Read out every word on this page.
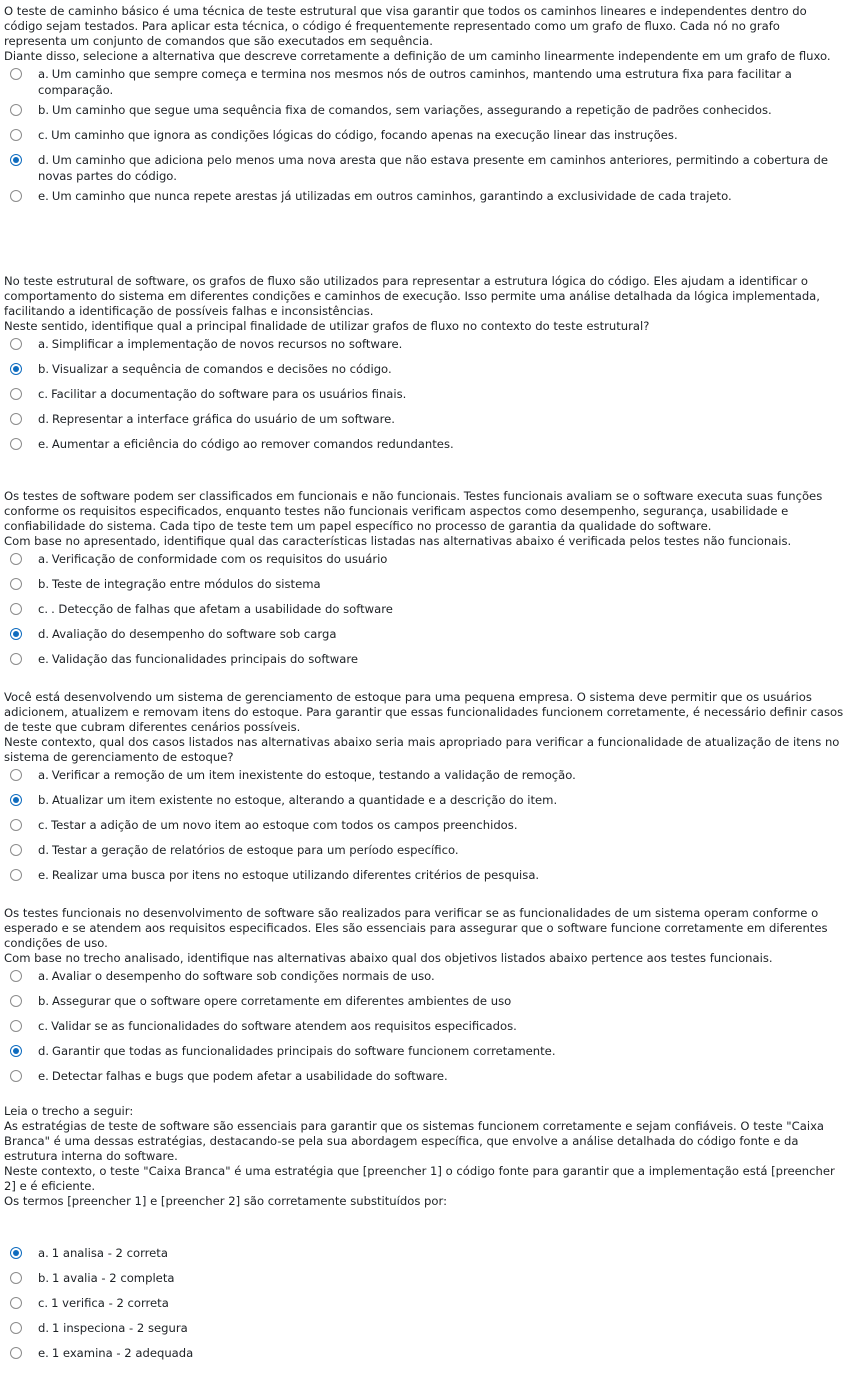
O teste de caminho básico é uma técnica de teste estrutural que visa garantir que todos os caminhos lineares e independentes dentro do código sejam testados. Para aplicar esta técnica, o código é frequentemente representado como um grafo de fluxo. Cada nó no grafo representa um conjunto de comandos que são executados em sequência.

Diante disso, selecione a alternativa que descreve corretamente a definição de um caminho linearmente independente em um grafo de fluxo.

a. Um caminho que sempre começa e termina nos mesmos nós de outros caminhos, mantendo uma estrutura fixa para facilitar a comparação.
b. Um caminho que segue uma sequência fixa de comandos, sem variações, assegurando a repetição de padrões conhecidos.
c. Um caminho que ignora as condições lógicas do código, focando apenas na execução linear das instruções.
d. Um caminho que adiciona pelo menos uma nova aresta que não estava presente em caminhos anteriores, permitindo a cobertura de novas partes do código.
e. Um caminho que nunca repete arestas já utilizadas em outros caminhos, garantindo a exclusividade de cada trajeto.

No teste estrutural de software, os grafos de fluxo são utilizados para representar a estrutura lógica do código. Eles ajudam a identificar o comportamento do sistema em diferentes condições e caminhos de execução. Isso permite uma análise detalhada da lógica implementada, facilitando a identificação de possíveis falhas e inconsistências.

Neste sentido, identifique qual a principal finalidade de utilizar grafos de fluxo no contexto do teste estrutural?

a. Simplificar a implementação de novos recursos no software.
b. Visualizar a sequência de comandos e decisões no código.
c. Facilitar a documentação do software para os usuários finais.
d. Representar a interface gráfica do usuário de um software.
e. Aumentar a eficiência do código ao remover comandos redundantes.

Os testes de software podem ser classificados em funcionais e não funcionais. Testes funcionais avaliam se o software executa suas funções conforme os requisitos especificados, enquanto testes não funcionais verificam aspectos como desempenho, segurança, usabilidade e confiabilidade do sistema. Cada tipo de teste tem um papel específico no processo de garantia da qualidade do software.

Com base no apresentado, identifique qual das características listadas nas alternativas abaixo é verificada pelos testes não funcionais.

a. Verificação de conformidade com os requisitos do usuário
b. Teste de integração entre módulos do sistema
c. . Detecção de falhas que afetam a usabilidade do software
d. Avaliação do desempenho do software sob carga
e. Validação das funcionalidades principais do software

Você está desenvolvendo um sistema de gerenciamento de estoque para uma pequena empresa. O sistema deve permitir que os usuários adicionem, atualizem e removam itens do estoque. Para garantir que essas funcionalidades funcionem corretamente, é necessário definir casos de teste que cubram diferentes cenários possíveis.

Neste contexto, qual dos casos listados nas alternativas abaixo seria mais apropriado para verificar a funcionalidade de atualização de itens no sistema de gerenciamento de estoque?

a. Verificar a remoção de um item inexistente do estoque, testando a validação de remoção.
b. Atualizar um item existente no estoque, alterando a quantidade e a descrição do item.
c. Testar a adição de um novo item ao estoque com todos os campos preenchidos.
d. Testar a geração de relatórios de estoque para um período específico.
e. Realizar uma busca por itens no estoque utilizando diferentes critérios de pesquisa.

Os testes funcionais no desenvolvimento de software são realizados para verificar se as funcionalidades de um sistema operam conforme o esperado e se atendem aos requisitos especificados. Eles são essenciais para assegurar que o software funcione corretamente em diferentes condições de uso.

Com base no trecho analisado, identifique nas alternativas abaixo qual dos objetivos listados abaixo pertence aos testes funcionais.

a. Avaliar o desempenho do software sob condições normais de uso.
b. Assegurar que o software opere corretamente em diferentes ambientes de uso
c. Validar se as funcionalidades do software atendem aos requisitos especificados.
d. Garantir que todas as funcionalidades principais do software funcionem corretamente.
e. Detectar falhas e bugs que podem afetar a usabilidade do software.

Leia o trecho a seguir:

As estratégias de teste de software são essenciais para garantir que os sistemas funcionem corretamente e sejam confiáveis. O teste "Caixa Branca" é uma dessas estratégias, destacando-se pela sua abordagem específica, que envolve a análise detalhada do código fonte e da estrutura interna do software.

Neste contexto, o teste "Caixa Branca" é uma estratégia que [preencher 1] o código fonte para garantir que a implementação está [preencher 2] e é eficiente.

Os termos [preencher 1] e [preencher 2] são corretamente substituídos por:

a. 1 analisa - 2 correta
b. 1 avalia - 2 completa
c. 1 verifica - 2 correta
d. 1 inspeciona - 2 segura
e. 1 examina - 2 adequada
